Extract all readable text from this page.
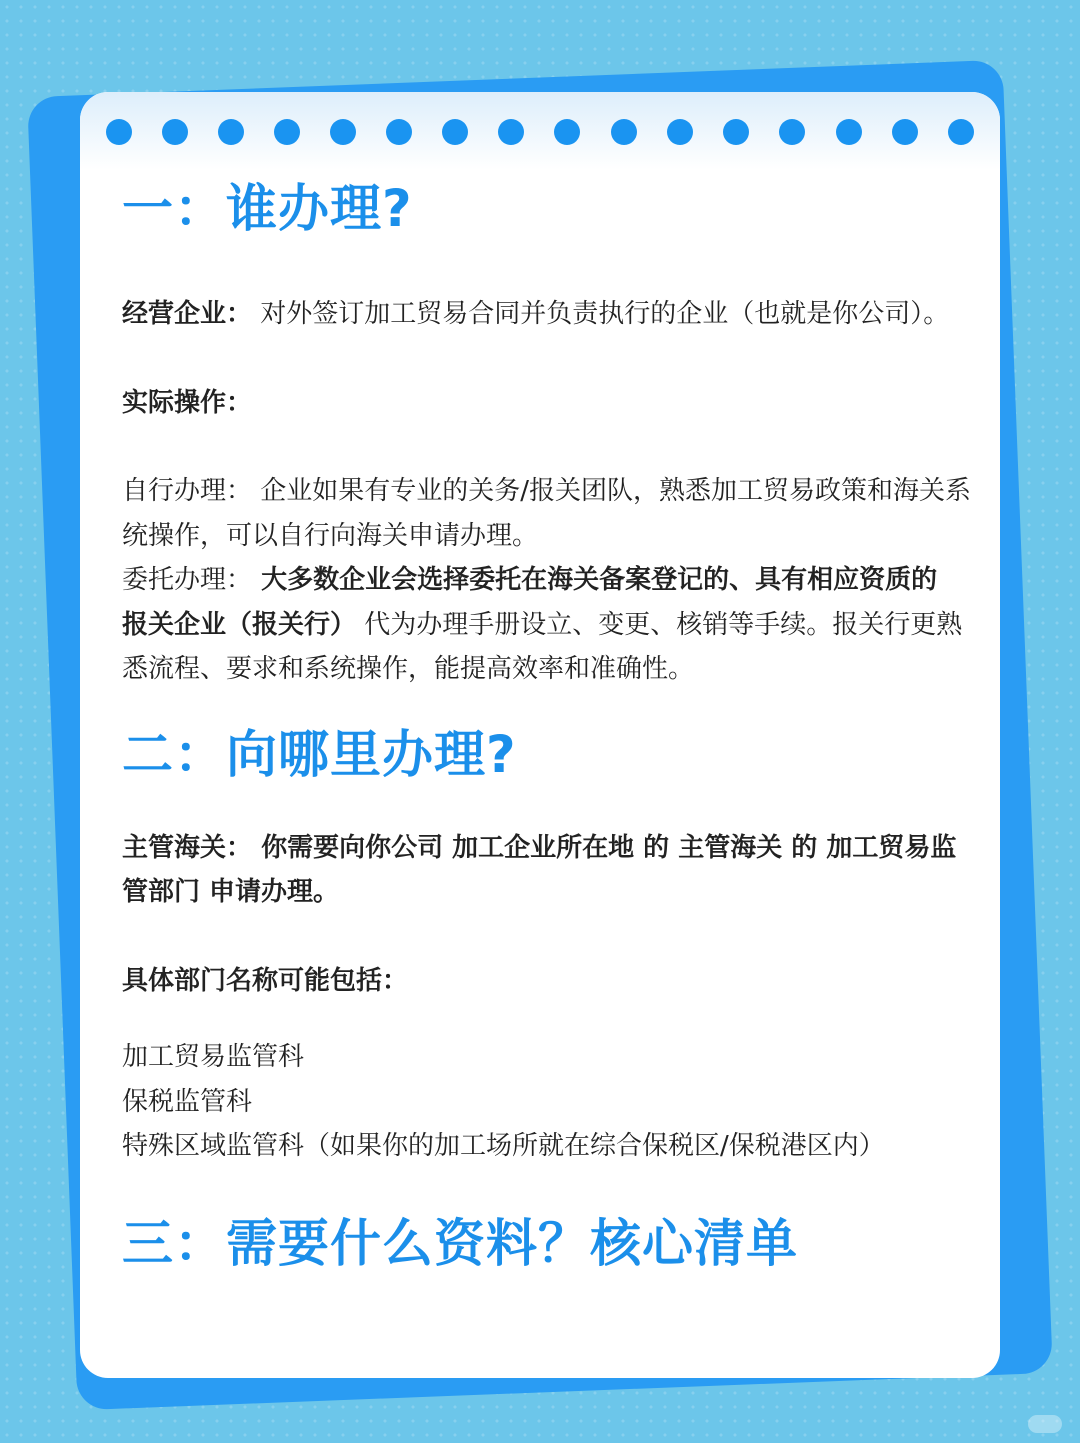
一：谁办理?

经营企业： 对外签订加工贸易合同并负责执行的企业（也就是你公司）。

实际操作：

自行办理： 企业如果有专业的关务/报关团队，熟悉加工贸易政策和海关系统操作，可以自行向海关申请办理。

委托办理： 大多数企业会选择委托在海关备案登记的、具有相应资质的 报关企业（报关行） 代为办理手册设立、变更、核销等手续。报关行更熟悉流程、要求和系统操作，能提高效率和准确性。

二：向哪里办理?

主管海关： 你需要向你公司 加工企业所在地 的 主管海关 的 加工贸易监管部门 申请办理。

具体部门名称可能包括：

加工贸易监管科

保税监管科

特殊区域监管科（如果你的加工场所就在综合保税区/保税港区内）

三：需要什么资料？核心清单
